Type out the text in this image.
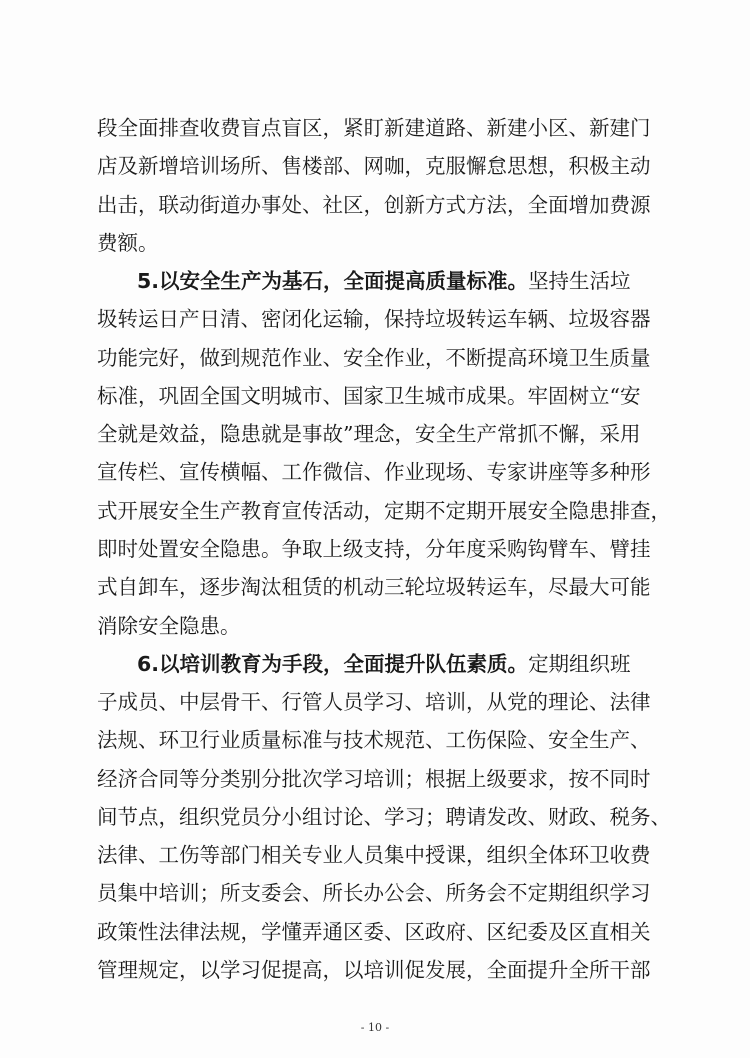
段全面排查收费盲点盲区，紧盯新建道路、新建小区、新建门
店及新增培训场所、售楼部、网咖，克服懈怠思想，积极主动
出击，联动街道办事处、社区，创新方式方法，全面增加费源
费额。
5.以安全生产为基石，全面提高质量标准。坚持生活垃
圾转运日产日清、密闭化运输，保持垃圾转运车辆、垃圾容器
功能完好，做到规范作业、安全作业，不断提高环境卫生质量
标准，巩固全国文明城市、国家卫生城市成果。牢固树立“安
全就是效益，隐患就是事故”理念，安全生产常抓不懈，采用
宣传栏、宣传横幅、工作微信、作业现场、专家讲座等多种形
式开展安全生产教育宣传活动，定期不定期开展安全隐患排查，
即时处置安全隐患。争取上级支持，分年度采购钩臂车、臂挂
式自卸车，逐步淘汰租赁的机动三轮垃圾转运车，尽最大可能
消除安全隐患。
6.以培训教育为手段，全面提升队伍素质。定期组织班
子成员、中层骨干、行管人员学习、培训，从党的理论、法律
法规、环卫行业质量标准与技术规范、工伤保险、安全生产、
经济合同等分类别分批次学习培训；根据上级要求，按不同时
间节点，组织党员分小组讨论、学习；聘请发改、财政、税务、
法律、工伤等部门相关专业人员集中授课，组织全体环卫收费
员集中培训；所支委会、所长办公会、所务会不定期组织学习
政策性法律法规，学懂弄通区委、区政府、区纪委及区直相关
管理规定，以学习促提高，以培训促发展，全面提升全所干部
- 10 -
